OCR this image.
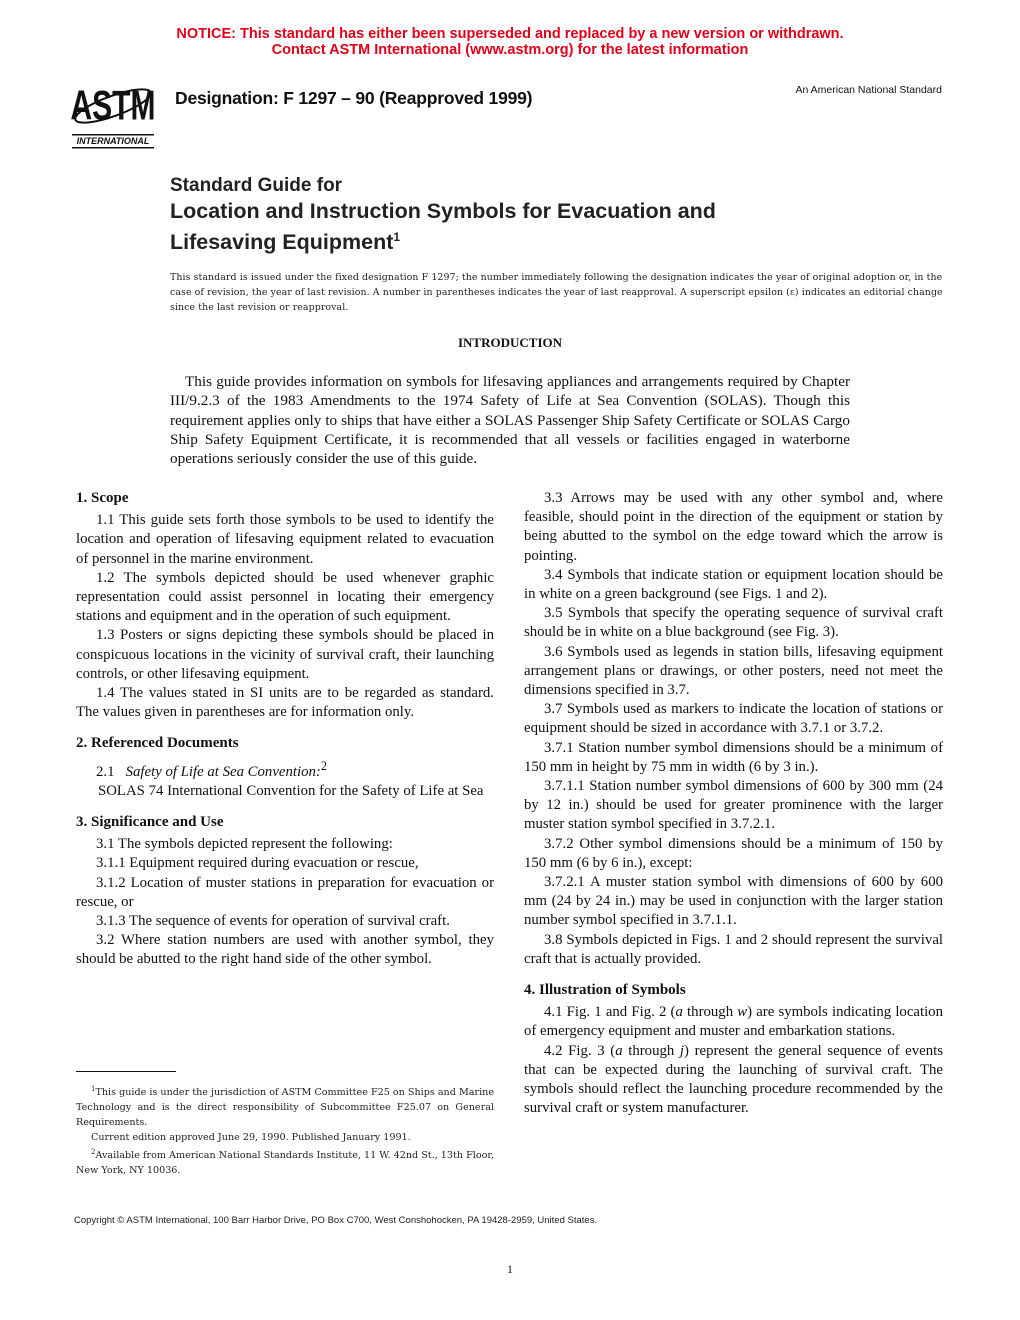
NOTICE: This standard has either been superseded and replaced by a new version or withdrawn.
Contact ASTM International (www.astm.org) for the latest information
ASTM
INTERNATIONAL
Designation: F 1297 – 90 (Reapproved 1999)	An American National Standard
Standard Guide for
Location and Instruction Symbols for Evacuation and
Lifesaving Equipment$^1$
This standard is issued under the fixed designation F 1297; the number immediately following the designation indicates the year of original adoption or, in the case of revision, the year of last revision. A number in parentheses indicates the year of last reapproval. A superscript epsilon (ε) indicates an editorial change since the last revision or reapproval.
INTRODUCTION
This guide provides information on symbols for lifesaving appliances and arrangements required by Chapter III/9.2.3 of the 1983 Amendments to the 1974 Safety of Life at Sea Convention (SOLAS). Though this requirement applies only to ships that have either a SOLAS Passenger Ship Safety Certificate or SOLAS Cargo Ship Safety Equipment Certificate, it is recommended that all vessels or facilities engaged in waterborne operations seriously consider the use of this guide.
1. Scope

1.1 This guide sets forth those symbols to be used to identify the location and operation of lifesaving equipment related to evacuation of personnel in the marine environment.

1.2 The symbols depicted should be used whenever graphic representation could assist personnel in locating their emergency stations and equipment and in the operation of such equipment.

1.3 Posters or signs depicting these symbols should be placed in conspicuous locations in the vicinity of survival craft, their launching controls, or other lifesaving equipment.

1.4 The values stated in SI units are to be regarded as standard. The values given in parentheses are for information only.

2. Referenced Documents

2.1 Safety of Life at Sea Convention:$^2$

SOLAS 74 International Convention for the Safety of Life at Sea

3. Significance and Use

3.1 The symbols depicted represent the following:

3.1.1 Equipment required during evacuation or rescue,

3.1.2 Location of muster stations in preparation for evacuation or rescue, or

3.1.3 The sequence of events for operation of survival craft.

3.2 Where station numbers are used with another symbol, they should be abutted to the right hand side of the other symbol.

3.3 Arrows may be used with any other symbol and, where feasible, should point in the direction of the equipment or station by being abutted to the symbol on the edge toward which the arrow is pointing.

3.4 Symbols that indicate station or equipment location should be in white on a green background (see Figs. 1 and 2).

3.5 Symbols that specify the operating sequence of survival craft should be in white on a blue background (see Fig. 3).

3.6 Symbols used as legends in station bills, lifesaving equipment arrangement plans or drawings, or other posters, need not meet the dimensions specified in 3.7.

3.7 Symbols used as markers to indicate the location of stations or equipment should be sized in accordance with 3.7.1 or 3.7.2.

3.7.1 Station number symbol dimensions should be a minimum of 150 mm in height by 75 mm in width (6 by 3 in.).

3.7.1.1 Station number symbol dimensions of 600 by 300 mm (24 by 12 in.) should be used for greater prominence with the larger muster station symbol specified in 3.7.2.1.

3.7.2 Other symbol dimensions should be a minimum of 150 by 150 mm (6 by 6 in.), except:

3.7.2.1 A muster station symbol with dimensions of 600 by 600 mm (24 by 24 in.) may be used in conjunction with the larger station number symbol specified in 3.7.1.1.

3.8 Symbols depicted in Figs. 1 and 2 should represent the survival craft that is actually provided.

4. Illustration of Symbols

4.1 Fig. 1 and Fig. 2 (a through w) are symbols indicating location of emergency equipment and muster and embarkation stations.

4.2 Fig. 3 (a through j) represent the general sequence of events that can be expected during the launching of survival craft. The symbols should reflect the launching procedure recommended by the survival craft or system manufacturer.

$^1$This guide is under the jurisdiction of ASTM Committee F25 on Ships and Marine Technology and is the direct responsibility of Subcommittee F25.07 on General Requirements.

Current edition approved June 29, 1990. Published January 1991.

$^2$Available from American National Standards Institute, 11 W. 42nd St., 13th Floor, New York, NY 10036.

Copyright © ASTM International, 100 Barr Harbor Drive, PO Box C700, West Conshohocken, PA 19428-2959, United States.
1
